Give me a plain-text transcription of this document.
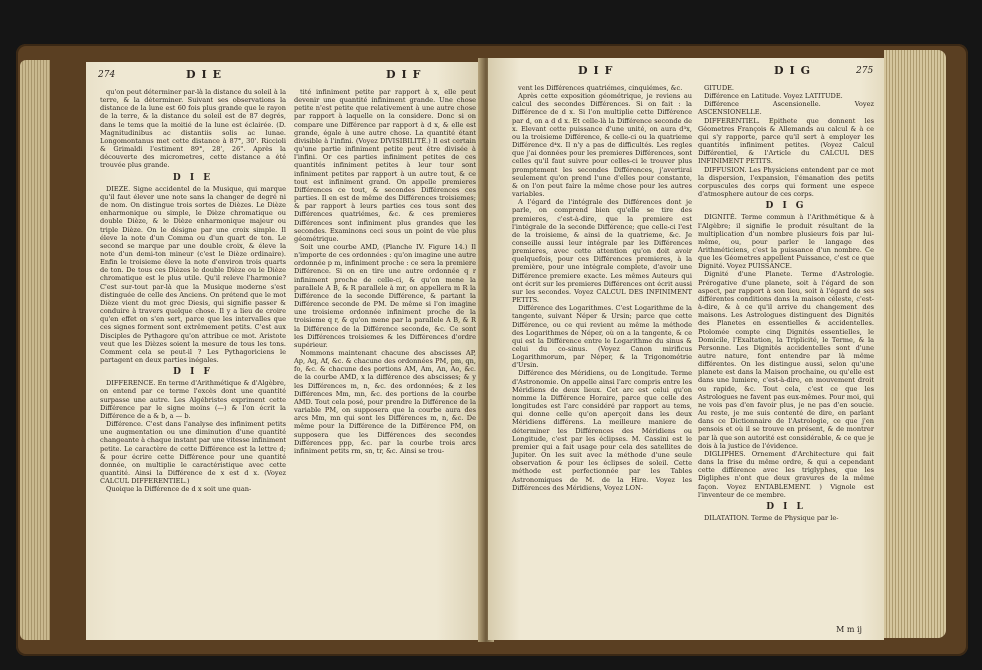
274	DIE	DIF

qu'on peut déterminer par-là la distance du soleil à la terre, & la déterminer. Suivant ses observations la distance de la lune est 60 fois plus grande que le rayon de la terre, & la distance du soleil est de 87 degrés, dans le tems que la moitié de la lune est éclairée. (D. Magnitudinibus ac distantiis solis ac lunae. Longomontanus met cette distance à 87°, 30'. Riccioli & Grimaldi l'estiment 89°, 28', 26". Après la découverte des micrometres, cette distance a été trouvée plus grande.

D I E

DIEZE. Signe accidentel de la Musique, qui marque qu'il faut élever une note sans la changer de degré ni de nom. On distingue trois sortes de Dièzes. Le Dièze enharmonique ou simple, le Dièze chromatique ou double Dièze, & le Dièze enharmonique majeur ou triple Dièze. On le désigne par une croix simple. Il éleve la note d'un Comma ou d'un quart de ton. Le second se marque par une double croix, & éleve la note d'un demi-ton mineur (c'est le Dièze ordinaire). Enfin le troisieme éleve la note d'environ trois quarts de ton. De tous ces Dièzes le double Dièze ou le Dièze chromatique est le plus utile. Qu'il releve l'harmonie? C'est sur-tout par-là que la Musique moderne s'est distinguée de celle des Anciens. On prétend que le mot Dièze vient du mot grec Diesis, qui signifie passer & conduire à travers quelque chose. Il y a lieu de croire qu'en effet on s'en sert, parce que les intervalles que ces signes forment sont extrêmement petits. C'est aux Disciples de Pythagore qu'on attribue ce mot. Aristote veut que les Dièzes soient la mesure de tous les tons. Comment cela se peut-il ? Les Pythagoriciens le partagent en deux parties inégales.

D I F

DIFFERENCE. En terme d'Arithmétique & d'Algèbre, on entend par ce terme l'excès dont une quantité surpasse une autre. Les Algébristes expriment cette Différence par le signe moins (—) & l'on écrit la Différence de a & b, a — b.

Différence. C'est dans l'analyse des infiniment petits une augmentation ou une diminution d'une quantité changeante à chaque instant par une vitesse infiniment petite. Le caractère de cette Différence est la lettre d; & pour écrire cette Différence pour une quantité donnée, on multiplie le caractéristique avec cette quantité. Ainsi la Différence de x est d x. (Voyez CALCUL DIFFERENTIEL.)

Quoique la Différence de d x soit une quan-

tité infiniment petite par rapport à x, elle peut devenir une quantité infiniment grande. Une chose petite n'est petite que relativement à une autre chose par rapport à laquelle on la considere. Donc si on compare une Différence par rapport à d x, & elle est grande, égale à une autre chose. La quantité étant divisible à l'infini. (Voyez DIVISIBILITÉ.) Il est certain qu'une partie infiniment petite peut être divisée à l'infini. Or ces parties infiniment petites de ces quantités infiniment petites à leur tour sont infiniment petites par rapport à un autre tout, & ce tout est infiniment grand. On appelle premieres Différences ce tout, & secondes Différences ces parties. Il en est de même des Différences troisiemes; & par rapport à leurs parties ces tous sont des Différences quatriémes, &c. & ces premieres Différences sont infiniment plus grandes que les secondes. Examinons ceci sous un point de vûe plus géométrique.

Soit une courbe AMD, (Planche IV. Figure 14.) Il n'importe de ces ordonnées : qu'on imagine une autre ordonnée p m, infiniment proche : ce sera la premiere Différence. Si on en tire une autre ordonnée q r infiniment proche de celle-ci, & qu'on mene la parallele A B, & R parallele à mr, on appellera m R la Différence de la seconde Différence, & partant la Différence seconde de PM. De même si l'on imagine une troisieme ordonnée infiniment proche de la troisieme q r, & qu'on mene par la parallele A B, & R la Différence de la Différence seconde, &c. Ce sont les Différences troisiemes & les Différences d'ordre supérieur.

Nommons maintenant chacune des abscisses AP, Ap, Aq, Af, &c. & chacune des ordonnées PM, pm, qn, fo, &c. & chacune des portions AM, Am, An, Ao, &c. de la courbe AMD, x la différence des abscisses; & y les Différences m, n, &c. des ordonnées; & z les Différences Mm, mn, &c. des portions de la courbe AMD. Tout cela posé, pour prendre la Différence de la variable PM, on supposera que la courbe aura des arcs Mm, mn qui sont les Différences m, n, &c. De même pour la Différence de la Différence PM, on supposera que les Différences des secondes Différences ppp, &c. par la courbe trois arcs infiniment petits rm, sn, tr, &c. Ainsi se trou-

DIF	DIG	275

vent les Différences quatriémes, cinquiémes, &c.

Après cette exposition géométrique, je reviens au calcul des secondes Différences. Si on fait : la Différence de d x. Si l'on multiplie cette Différence par d, on a d d x. Et celle-là la Différence seconde de x. Elevant cette puissance d'une unité, on aura d³x, ou la troisieme Différence, & celle-ci ou la quatrieme Différence d⁴x. Il n'y a pas de difficultés. Les regles que j'ai données pour les premieres Différences, sont celles qu'il faut suivre pour celles-ci le trouver plus promptement les secondes Différences, j'avertirai seulement qu'on prend l'une d'elles pour constante, & on l'on peut faire la même chose pour les autres variables.

A l'égard de l'intégrale des Différences dont je parle, on comprend bien qu'elle se tire des premieres, c'est-à-dire, que la premiere est l'intégrale de la seconde Différence; que celle-ci l'est de la troisieme, & ainsi de la quatrieme, &c. Je conseille aussi leur intégrale par les Différences premieres, avec cette attention qu'on doit avoir quelquefois, pour ces Différences premieres, à la première, pour une intégrale complete, d'avoir une Différence premiere exacte. Les mêmes Auteurs qui ont écrit sur les premieres Différences ont écrit aussi sur les secondes. Voyez CALCUL DES INFINIMENT PETITS.

Différence des Logarithmes. C'est Logarithme de la tangente, suivant Néper & Ursin; parce que cette Différence, ou ce qui revient au même la méthode des Logarithmes de Néper, où on a la tangente, & ce qui est la Différence entre le Logarithme du sinus & celui du co-sinus. (Voyez Canon mirificus Logarithmorum, par Néper, & la Trigonométrie d'Ursin.

Différence des Méridiens, ou de Longitude. Terme d'Astronomie. On appelle ainsi l'arc compris entre les Méridiens de deux lieux. Cet arc est celui qu'on nomme la Différence Horaire, parce que celle des longitudes est l'arc considéré par rapport au tems, qui donne celle qu'on aperçoit dans les deux Méridiens différens. La meilleure maniere de déterminer les Différences des Méridiens ou Longitude, c'est par les éclipses. M. Cassini est le premier qui a fait usage pour cela des satellites de Jupiter. On les suit avec la méthode d'une seule observation & pour les éclipses de soleil. Cette méthode est perfectionnée par les Tables Astronomiques de M. de la Hire. Voyez les Différences des Méridiens, Voyez LON-

GITUDE.

Différence en Latitude. Voyez LATITUDE.

Différence Ascensionelle. Voyez ASCENSIONELLE.

DIFFERENTIEL. Epithete que donnent les Géometres François & Allemands au calcul & à ce qui s'y rapporte, parce qu'il sert à employer les quantités infiniment petites. (Voyez Calcul Différentiel, & l'Article du CALCUL DES INFINIMENT PETITS.

DIFFUSION. Les Physiciens entendent par ce mot la dispersion, l'expansion, l'émanation des petits corpuscules des corps qui forment une espece d'atmosphere autour de ces corps.

D I G

DIGNITÉ. Terme commun à l'Arithmétique & à l'Algèbre; il signifie le produit résultant de la multiplication d'un nombre plusieurs fois par lui-même, ou, pour parler le langage des Arithméticiens, c'est la puissance d'un nombre. Ce que les Géometres appellent Puissance, c'est ce que Dignité. Voyez PUISSANCE.

Dignité d'une Planete. Terme d'Astrologie. Prérogative d'une planete, soit à l'égard de son aspect, par rapport à son lieu, soit à l'égard de ses différentes conditions dans la maison céleste, c'est-à-dire, & à ce qu'il arrive du changement des maisons. Les Astrologues distinguent des Dignités des Planetes en essentielles & accidentelles. Ptolomée compte cinq Dignités essentielles, le Domicile, l'Exaltation, la Triplicité, le Terme, & la Personne. Les Dignités accidentelles sont d'une autre nature, font entendre par là même différentes. On les distingue aussi, selon qu'une planete est dans la Maison prochaine, ou qu'elle est dans une lumiere, c'est-à-dire, en mouvement droit ou rapide, &c. Tout cela, c'est ce que les Astrologues ne favent pas eux-mêmes. Pour moi, qui ne vois pas d'en favoir plus, je ne pas d'en soucie. Au reste, je me suis contenté de dire, en parlant dans ce Dictionnaire de l'Astrologie, ce que j'en pensois et où il se trouve en présent, & de montrer par là que son autorité est considérable, & ce que je dois à la justice de l'évidence.

DIGLIPHES. Ornement d'Architecture qui fait dans la frise du même ordre, & qui a cependant cette différence avec les triglyphes, que les Digliphes n'ont que deux gravures de la même façon. Voyez ENTABLEMENT. ) Vignole est l'inventeur de ce membre.

D I L

DILATATION. Terme de Physique par le-

M m ij
